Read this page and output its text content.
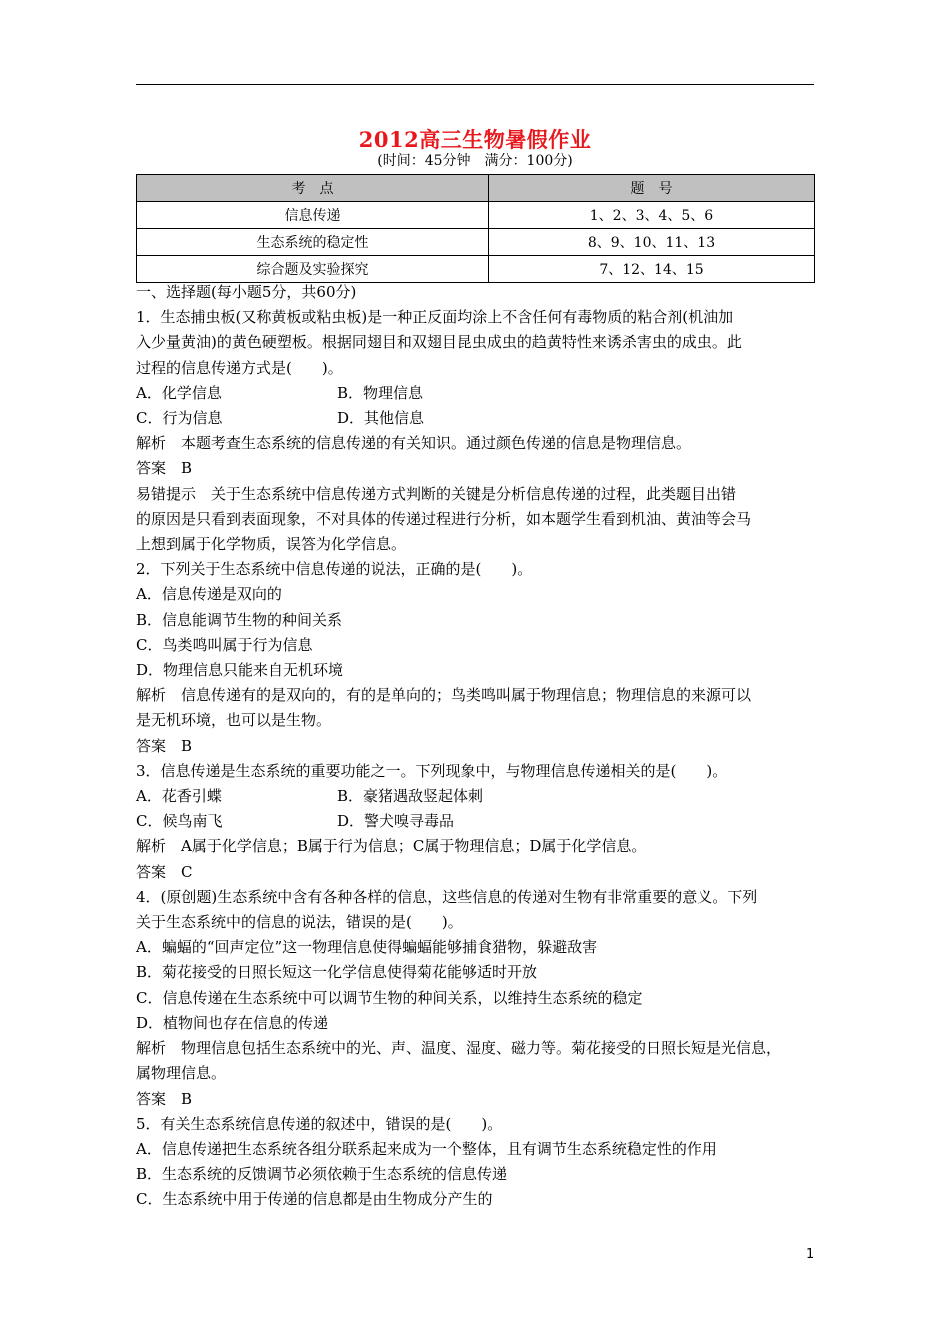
2012高三生物暑假作业
(时间：45分钟　满分：100分)
考　点	题　号
信息传递	1、2、3、4、5、6
生态系统的稳定性	8、9、10、11、13
综合题及实验探究	7、12、14、15

一、选择题(每小题5分，共60分)

1．生态捕虫板(又称黄板或粘虫板)是一种正反面均涂上不含任何有毒物质的粘合剂(机油加

入少量黄油)的黄色硬塑板。根据同翅目和双翅目昆虫成虫的趋黄特性来诱杀害虫的成虫。此

过程的信息传递方式是(　　)。

A．化学信息	B．物理信息
C．行为信息	D．其他信息

解析　本题考查生态系统的信息传递的有关知识。通过颜色传递的信息是物理信息。

答案　B

易错提示　关于生态系统中信息传递方式判断的关键是分析信息传递的过程，此类题目出错

的原因是只看到表面现象，不对具体的传递过程进行分析，如本题学生看到机油、黄油等会马

上想到属于化学物质，误答为化学信息。

2．下列关于生态系统中信息传递的说法，正确的是(　　)。

A．信息传递是双向的

B．信息能调节生物的种间关系

C．鸟类鸣叫属于行为信息

D．物理信息只能来自无机环境

解析　信息传递有的是双向的，有的是单向的；鸟类鸣叫属于物理信息；物理信息的来源可以

是无机环境，也可以是生物。

答案　B

3．信息传递是生态系统的重要功能之一。下列现象中，与物理信息传递相关的是(　　)。

A．花香引蝶	B．豪猪遇敌竖起体刺
C．候鸟南飞	D．警犬嗅寻毒品

解析　A属于化学信息；B属于行为信息；C属于物理信息；D属于化学信息。

答案　C

4．(原创题)生态系统中含有各种各样的信息，这些信息的传递对生物有非常重要的意义。下列

关于生态系统中的信息的说法，错误的是(　　)。

A．蝙蝠的“回声定位”这一物理信息使得蝙蝠能够捕食猎物，躲避敌害

B．菊花接受的日照长短这一化学信息使得菊花能够适时开放

C．信息传递在生态系统中可以调节生物的种间关系，以维持生态系统的稳定

D．植物间也存在信息的传递

解析　物理信息包括生态系统中的光、声、温度、湿度、磁力等。菊花接受的日照长短是光信息，

属物理信息。

答案　B

5．有关生态系统信息传递的叙述中，错误的是(　　)。

A．信息传递把生态系统各组分联系起来成为一个整体，且有调节生态系统稳定性的作用

B．生态系统的反馈调节必须依赖于生态系统的信息传递

C．生态系统中用于传递的信息都是由生物成分产生的

1
